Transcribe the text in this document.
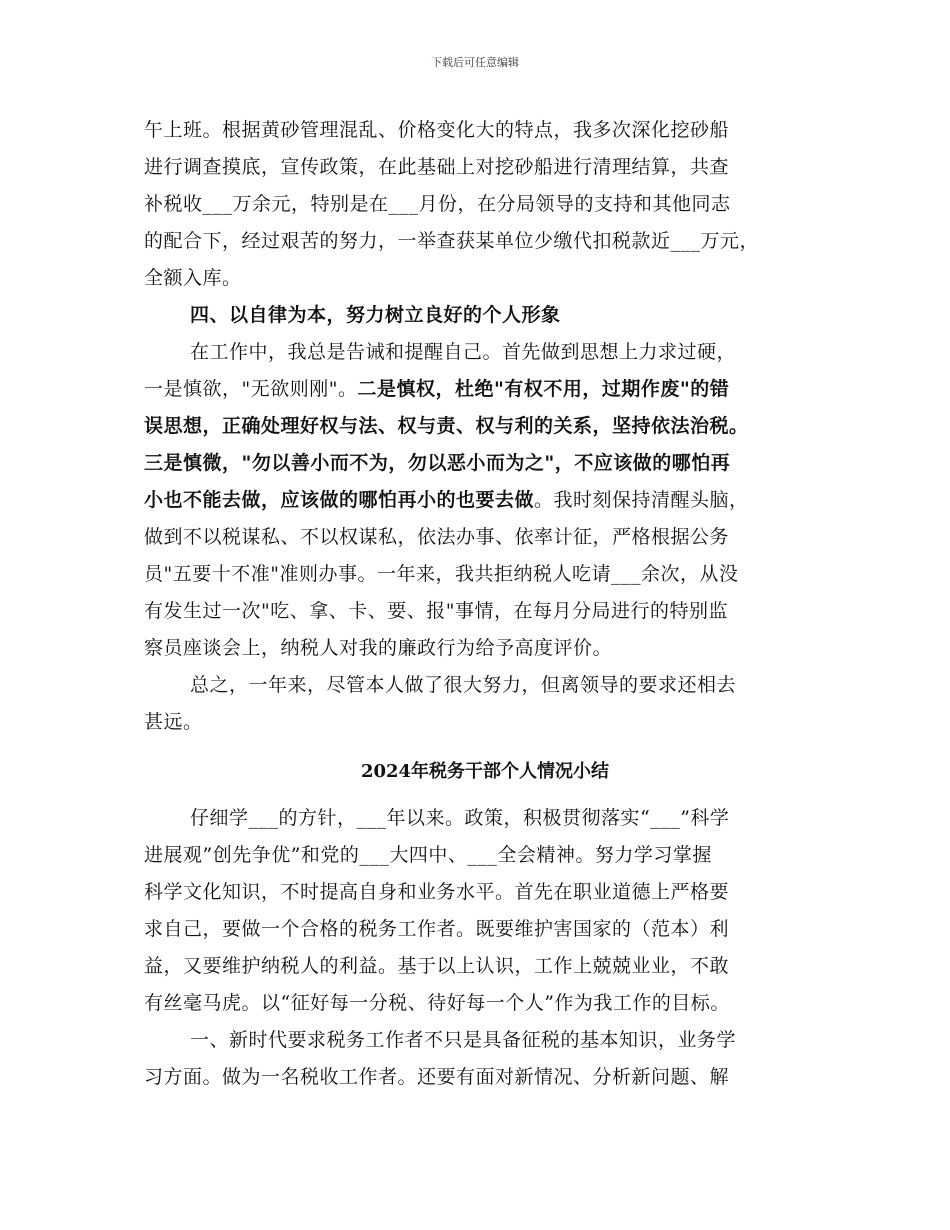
下载后可任意编辑
午上班。根据黄砂管理混乱、价格变化大的特点，我多次深化挖砂船
进行调查摸底，宣传政策，在此基础上对挖砂船进行清理结算，共查
补税收___万余元，特别是在___月份，在分局领导的支持和其他同志
的配合下，经过艰苦的努力，一举查获某单位少缴代扣税款近___万元，
全额入库。
四、以自律为本，努力树立良好的个人形象
在工作中，我总是告诫和提醒自己。首先做到思想上力求过硬，
一是慎欲，"无欲则刚"。二是慎权，杜绝"有权不用，过期作废"的错
误思想，正确处理好权与法、权与责、权与利的关系，坚持依法治税。
三是慎微，"勿以善小而不为，勿以恶小而为之"，不应该做的哪怕再
小也不能去做，应该做的哪怕再小的也要去做。我时刻保持清醒头脑，
做到不以税谋私、不以权谋私，依法办事、依率计征，严格根据公务
员"五要十不准"准则办事。一年来，我共拒纳税人吃请___余次，从没
有发生过一次"吃、拿、卡、要、报"事情，在每月分局进行的特别监
察员座谈会上，纳税人对我的廉政行为给予高度评价。
总之，一年来，尽管本人做了很大努力，但离领导的要求还相去
甚远。
2024年税务干部个人情况小结
仔细学___的方针，___年以来。政策，积极贯彻落实“___”科学
进展观”创先争优”和党的___大四中、___全会精神。努力学习掌握
科学文化知识，不时提高自身和业务水平。首先在职业道德上严格要
求自己，要做一个合格的税务工作者。既要维护害国家的（范本）利
益，又要维护纳税人的利益。基于以上认识，工作上兢兢业业，不敢
有丝毫马虎。以“征好每一分税、待好每一个人”作为我工作的目标。
一、新时代要求税务工作者不只是具备征税的基本知识，业务学
习方面。做为一名税收工作者。还要有面对新情况、分析新问题、解
